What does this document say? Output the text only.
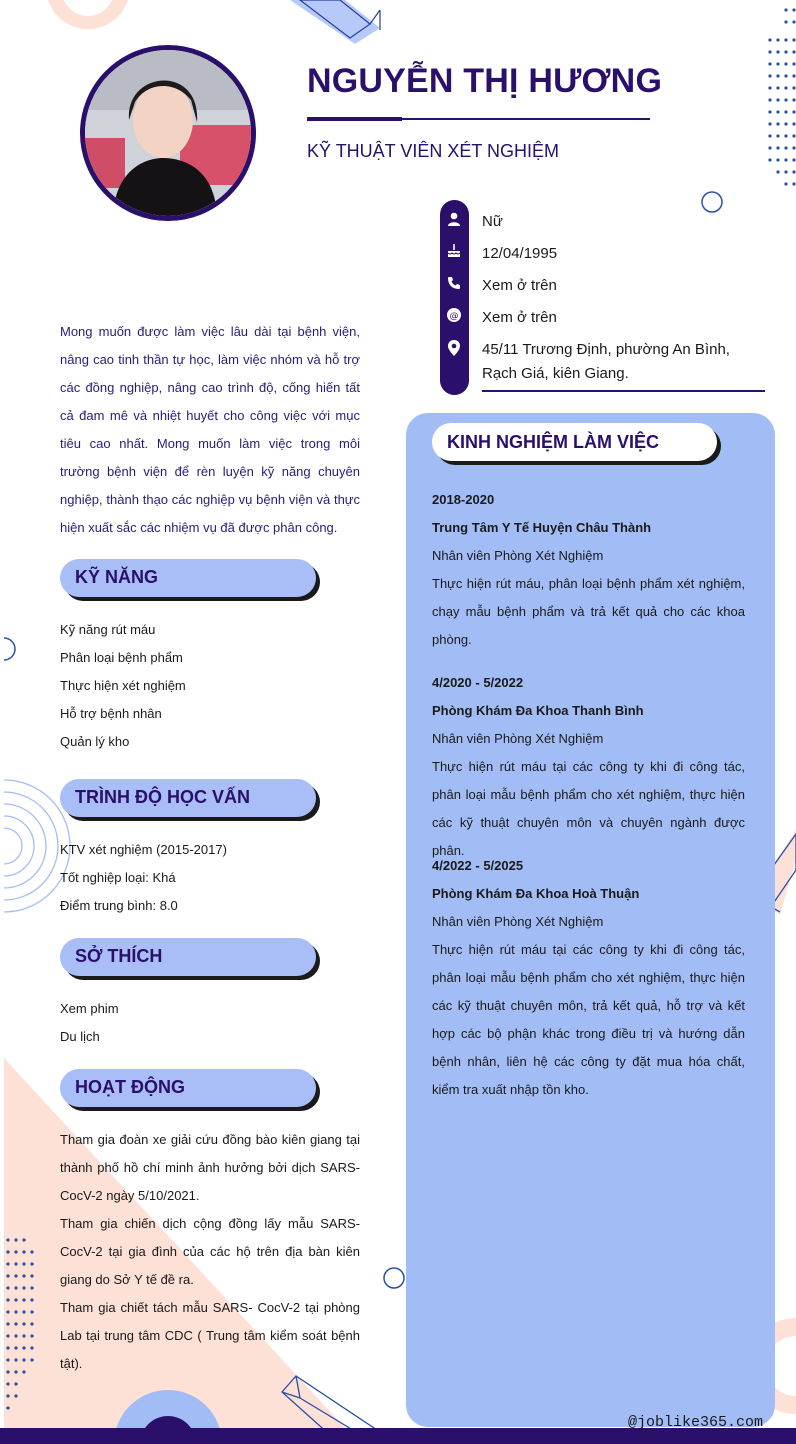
NGUYỄN THỊ HƯƠNG
KỸ THUẬT VIÊN XÉT NGHIỆM
Nữ
12/04/1995
Xem ở trên
@ Xem ở trên
45/11 Trương Định, phường An Bình, Rạch Giá, kiên Giang.
Mong muốn được làm việc lâu dài tại bệnh viện, nâng cao tinh thần tự học, làm việc nhóm và hỗ trợ các đồng nghiệp, nâng cao trình độ, cống hiến tất cả đam mê và nhiệt huyết cho công việc với mục tiêu cao nhất. Mong muốn làm việc trong môi trường bệnh viện để rèn luyện kỹ năng chuyên nghiệp, thành thạo các nghiệp vụ bệnh viện và thực hiện xuất sắc các nhiệm vụ đã được phân công.
KỸ NĂNG
Kỹ năng rút máu
Phân loại bệnh phẩm
Thực hiện xét nghiệm
Hỗ trợ bệnh nhân
Quản lý kho
TRÌNH ĐỘ HỌC VẤN
KTV xét nghiệm (2015-2017)
Tốt nghiệp loại: Khá
Điểm trung bình: 8.0
SỞ THÍCH
Xem phim
Du lịch
HOẠT ĐỘNG

Tham gia đoàn xe giải cứu đồng bào kiên giang tại thành phố hồ chí minh ảnh hưởng bởi dịch SARS-CocV-2 ngày 5/10/2021.

Tham gia chiến dịch cộng đồng lấy mẫu SARS-CocV-2 tại gia đình của các hộ trên địa bàn kiên giang do Sở Y tế đề ra.

Tham gia chiết tách mẫu SARS- CocV-2 tại phòng Lab tại trung tâm CDC ( Trung tâm kiểm soát bệnh tật).

KINH NGHIỆM LÀM VIỆC
2018-2020
Trung Tâm Y Tế Huyện Châu Thành
Nhân viên Phòng Xét Nghiệm
Thực hiện rút máu, phân loại bệnh phẩm xét nghiệm, chạy mẫu bệnh phẩm và trả kết quả cho các khoa phòng.
4/2020 - 5/2022
Phòng Khám Đa Khoa Thanh Bình
Nhân viên Phòng Xét Nghiệm
Thực hiện rút máu tại các công ty khi đi công tác, phân loại mẫu bệnh phẩm cho xét nghiệm, thực hiện các kỹ thuật chuyên môn và chuyên ngành được phân.
4/2022 - 5/2025
Phòng Khám Đa Khoa Hoà Thuận
Nhân viên Phòng Xét Nghiệm
Thực hiện rút máu tại các công ty khi đi công tác, phân loại mẫu bệnh phẩm cho xét nghiệm, thực hiện các kỹ thuật chuyên môn, trả kết quả, hỗ trợ và kết hợp các bộ phận khác trong điều trị và hướng dẫn bệnh nhân, liên hệ các công ty đặt mua hóa chất, kiểm tra xuất nhập tồn kho.
@joblike365.com
